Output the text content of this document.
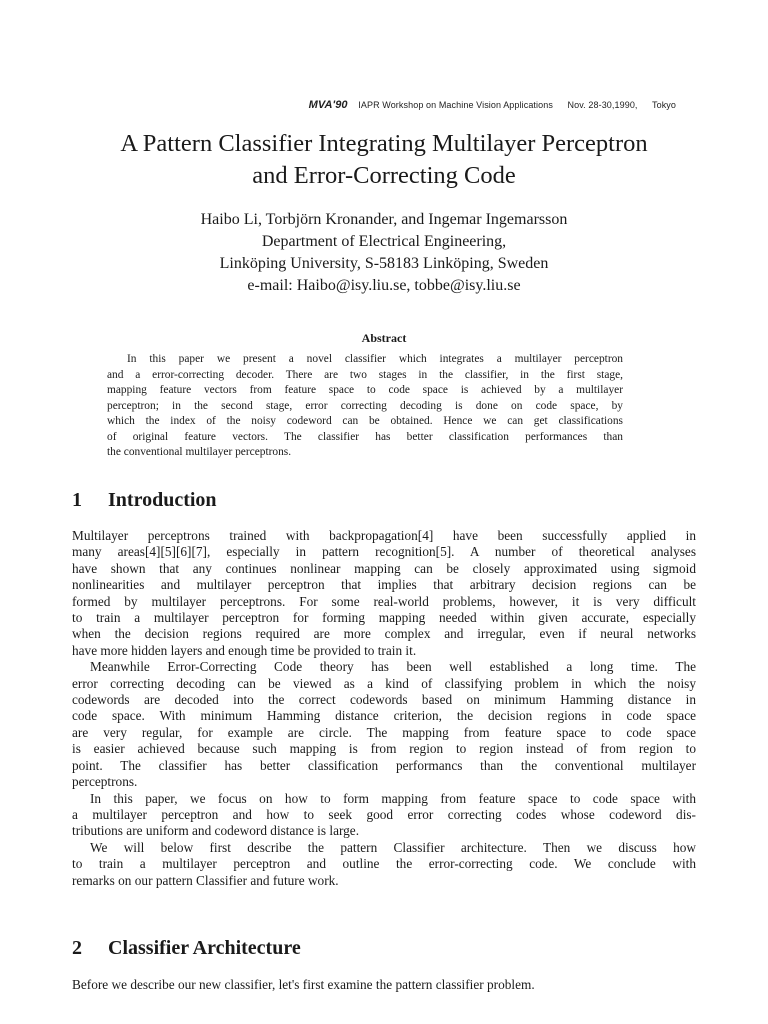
MVA'90 IAPR Workshop on Machine Vision Applications Nov. 28-30,1990, Tokyo
A Pattern Classifier Integrating Multilayer Perceptron
and Error-Correcting Code
Haibo Li, Torbjörn Kronander, and Ingemar Ingemarsson
Department of Electrical Engineering,
Linköping University, S-58183 Linköping, Sweden
e-mail: Haibo@isy.liu.se, tobbe@isy.liu.se
Abstract
In this paper we present a novel classifier which integrates a multilayer perceptron
and a error-correcting decoder. There are two stages in the classifier, in the first stage,
mapping feature vectors from feature space to code space is achieved by a multilayer
perceptron; in the second stage, error correcting decoding is done on code space, by
which the index of the noisy codeword can be obtained. Hence we can get classifications
of original feature vectors. The classifier has better classification performances than
the conventional multilayer perceptrons.
1 Introduction
Multilayer perceptrons trained with backpropagation[4] have been successfully applied in
many areas[4][5][6][7], especially in pattern recognition[5]. A number of theoretical analyses
have shown that any continues nonlinear mapping can be closely approximated using sigmoid
nonlinearities and multilayer perceptron that implies that arbitrary decision regions can be
formed by multilayer perceptrons. For some real-world problems, however, it is very difficult
to train a multilayer perceptron for forming mapping needed within given accurate, especially
when the decision regions required are more complex and irregular, even if neural networks
have more hidden layers and enough time be provided to train it.
Meanwhile Error-Correcting Code theory has been well established a long time. The
error correcting decoding can be viewed as a kind of classifying problem in which the noisy
codewords are decoded into the correct codewords based on minimum Hamming distance in
code space. With minimum Hamming distance criterion, the decision regions in code space
are very regular, for example are circle. The mapping from feature space to code space
is easier achieved because such mapping is from region to region instead of from region to
point. The classifier has better classification performancs than the conventional multilayer
perceptrons.
In this paper, we focus on how to form mapping from feature space to code space with
a multilayer perceptron and how to seek good error correcting codes whose codeword dis-
tributions are uniform and codeword distance is large.
We will below first describe the pattern Classifier architecture. Then we discuss how
to train a multilayer perceptron and outline the error-correcting code. We conclude with
remarks on our pattern Classifier and future work.
2 Classifier Architecture
Before we describe our new classifier, let's first examine the pattern classifier problem.
